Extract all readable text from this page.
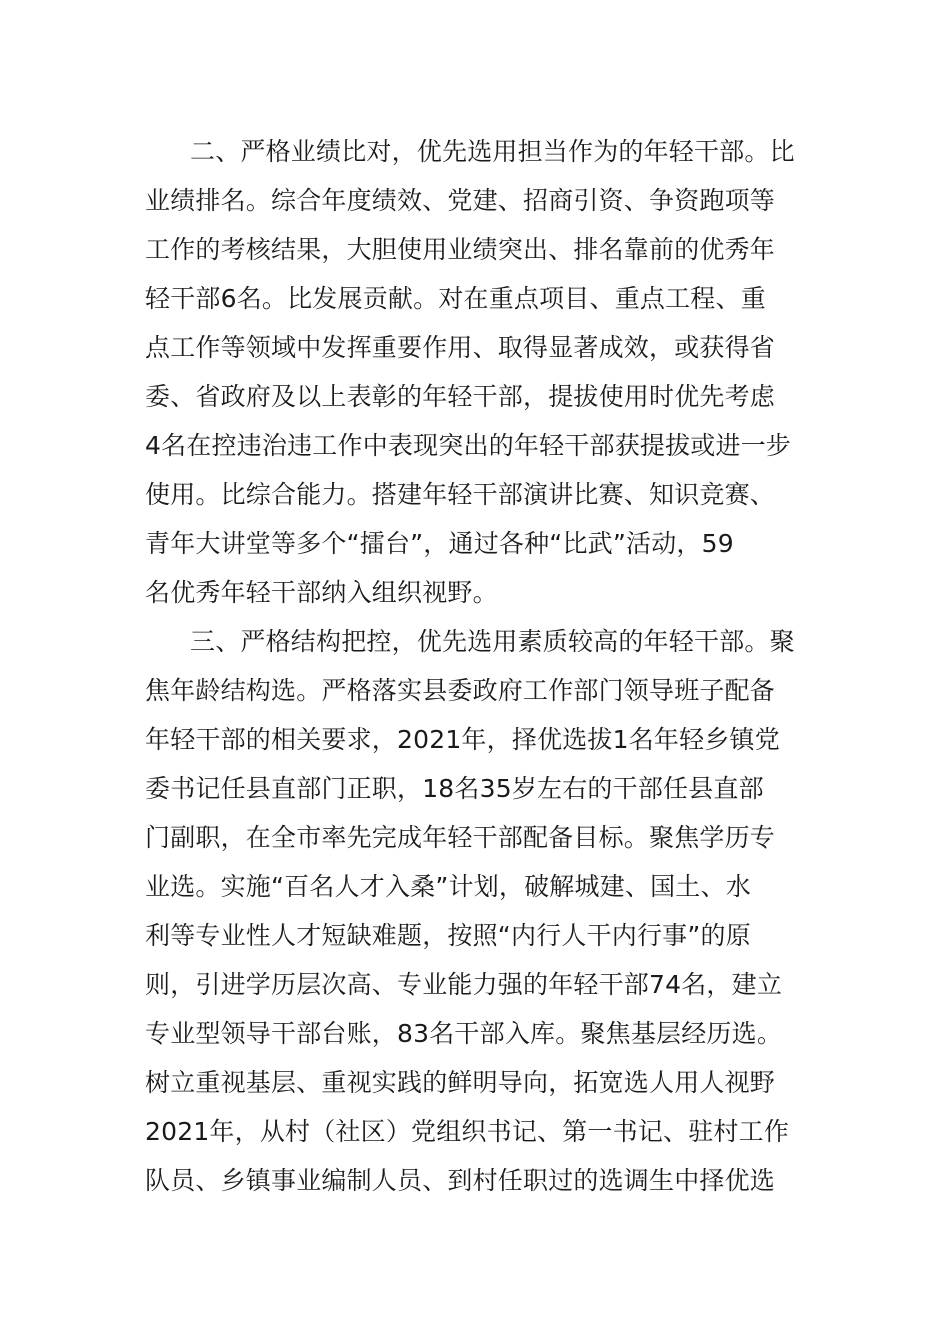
二、严格业绩比对，优先选用担当作为的年轻干部。比
业绩排名。综合年度绩效、党建、招商引资、争资跑项等
工作的考核结果，大胆使用业绩突出、排名靠前的优秀年
轻干部6名。比发展贡献。对在重点项目、重点工程、重
点工作等领域中发挥重要作用、取得显著成效，或获得省
委、省政府及以上表彰的年轻干部，提拔使用时优先考虑
4名在控违治违工作中表现突出的年轻干部获提拔或进一步
使用。比综合能力。搭建年轻干部演讲比赛、知识竞赛、
青年大讲堂等多个“擂台”，通过各种“比武”活动，59
名优秀年轻干部纳入组织视野。
三、严格结构把控，优先选用素质较高的年轻干部。聚
焦年龄结构选。严格落实县委政府工作部门领导班子配备
年轻干部的相关要求，2021年，择优选拔1名年轻乡镇党
委书记任县直部门正职，18名35岁左右的干部任县直部
门副职，在全市率先完成年轻干部配备目标。聚焦学历专
业选。实施“百名人才入桑”计划，破解城建、国土、水
利等专业性人才短缺难题，按照“内行人干内行事”的原
则，引进学历层次高、专业能力强的年轻干部74名，建立
专业型领导干部台账，83名干部入库。聚焦基层经历选。
树立重视基层、重视实践的鲜明导向，拓宽选人用人视野
2021年，从村（社区）党组织书记、第一书记、驻村工作
队员、乡镇事业编制人员、到村任职过的选调生中择优选
